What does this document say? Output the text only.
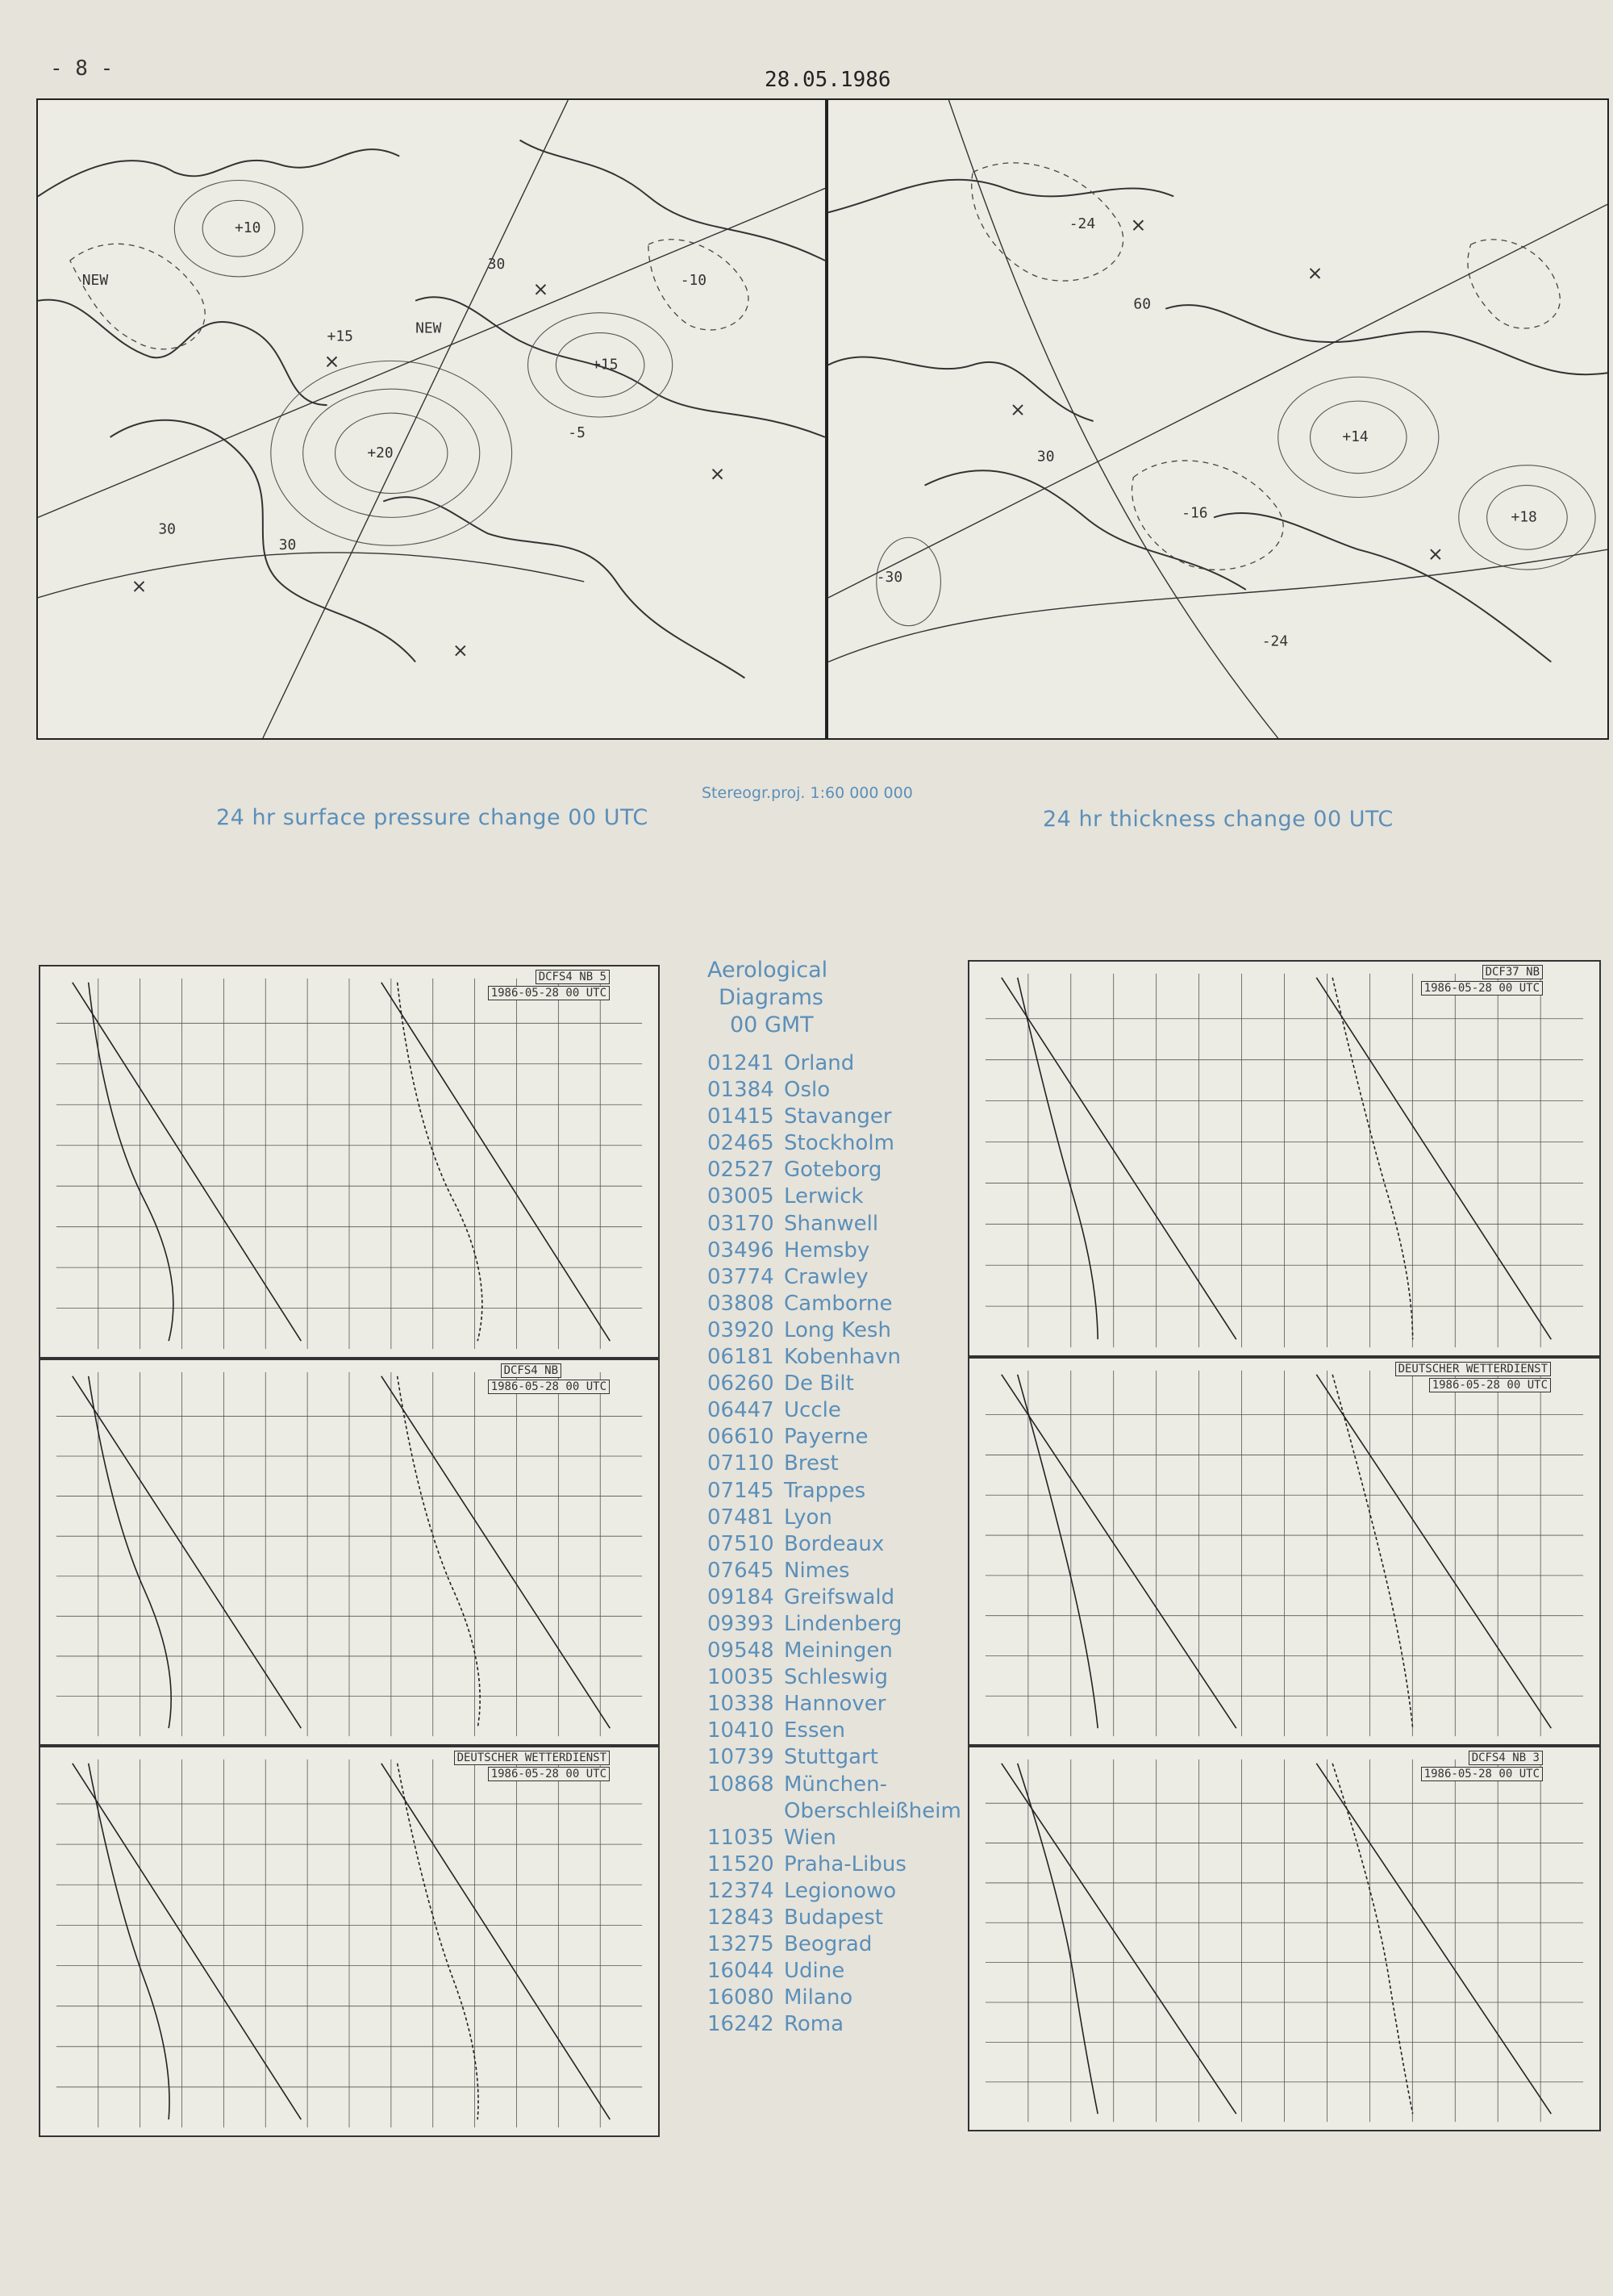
- 8 -	28.05.1986
NEW
NEW
30
30
30
+20
+15
+15
+10
-5
-10
60
30
-30
-16
-24
+18
+14
-24
Stereogr.proj. 1:60 000 000
24 hr surface pressure change 00 UTC	24 hr thickness change 00 UTC
DCFS4 NB 5
1986-05-28 00 UTC
DCFS4 NB
1986-05-28 00 UTC
DEUTSCHER WETTERDIENST
1986-05-28 00 UTC
DCF37 NB
1986-05-28 00 UTC
DEUTSCHER WETTERDIENST
1986-05-28 00 UTC
DCFS4 NB 3
1986-05-28 00 UTC
Aerological
Diagrams
00 GMT
01241 Orland
01384 Oslo
01415 Stavanger
02465 Stockholm
02527 Goteborg
03005 Lerwick
03170 Shanwell
03496 Hemsby
03774 Crawley
03808 Camborne
03920 Long Kesh
06181 Kobenhavn
06260 De Bilt
06447 Uccle
06610 Payerne
07110 Brest
07145 Trappes
07481 Lyon
07510 Bordeaux
07645 Nimes
09184 Greifswald
09393 Lindenberg
09548 Meiningen
10035 Schleswig
10338 Hannover
10410 Essen
10739 Stuttgart
10868 München-
Oberschleißheim
11035 Wien
11520 Praha-Libus
12374 Legionowo
12843 Budapest
13275 Beograd
16044 Udine
16080 Milano
16242 Roma
